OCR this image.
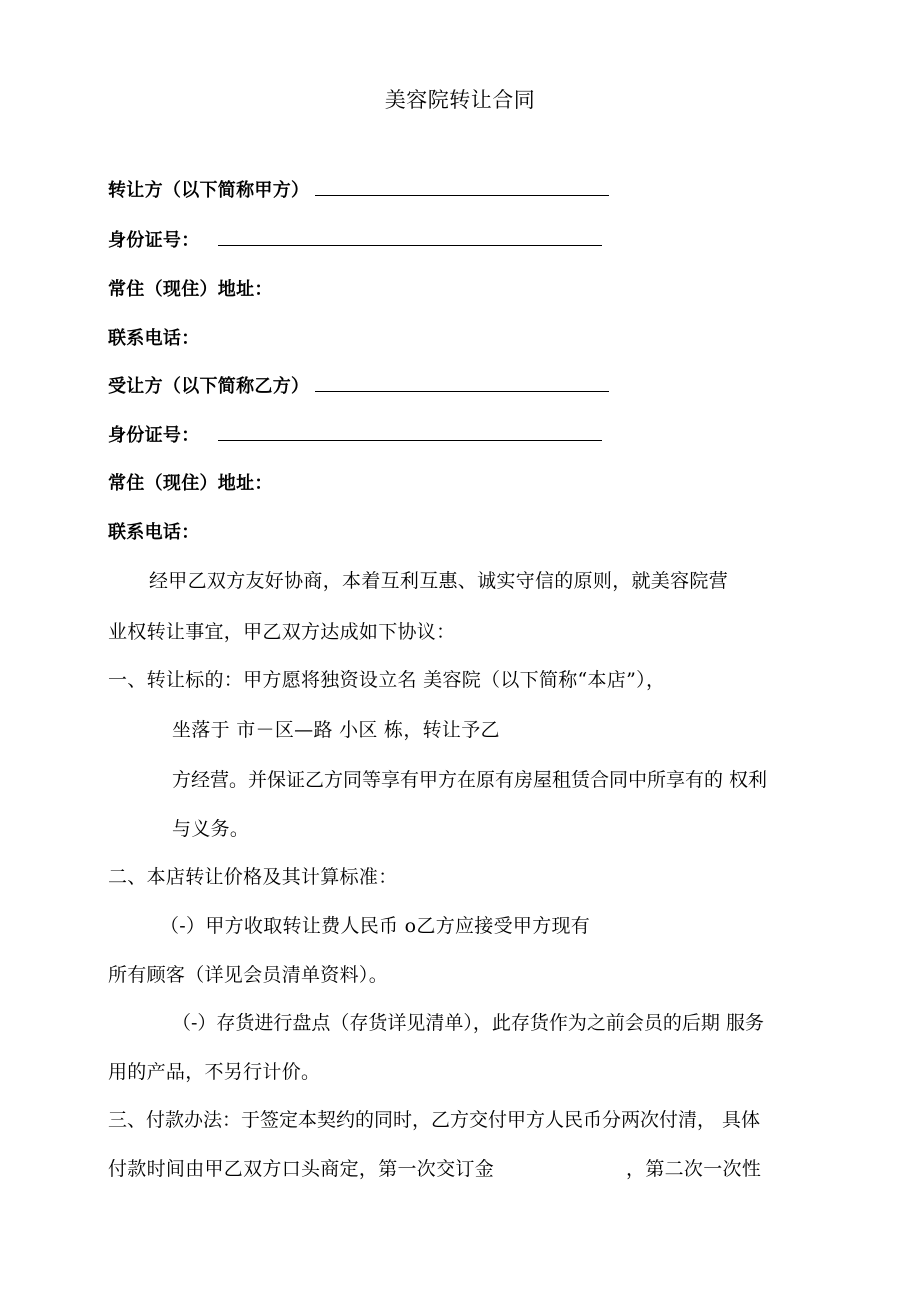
美容院转让合同
转让方（以下简称甲方）
身份证号：
常住（现住）地址：
联系电话：
受让方（以下简称乙方）
身份证号：
常住（现住）地址：
联系电话：
经甲乙双方友好协商，本着互利互惠、诚实守信的原则，就美容院营
业权转让事宜，甲乙双方达成如下协议：
一、转让标的：甲方愿将独资设立名 美容院（以下简称“本店”），
坐落于 市－区—路 小区 栋，转让予乙
方经营。并保证乙方同等享有甲方在原有房屋租赁合同中所享有的 权利
与义务。
二、本店转让价格及其计算标准：
（-）甲方收取转让费人民币 o乙方应接受甲方现有
所有顾客（详见会员清单资料）。
（-）存货进行盘点（存货详见清单），此存货作为之前会员的后期 服务
用的产品，不另行计价。
三、付款办法：于签定本契约的同时，乙方交付甲方人民币分两次付清， 具体
付款时间由甲乙双方口头商定，第一次交订金	，第二次一次性
